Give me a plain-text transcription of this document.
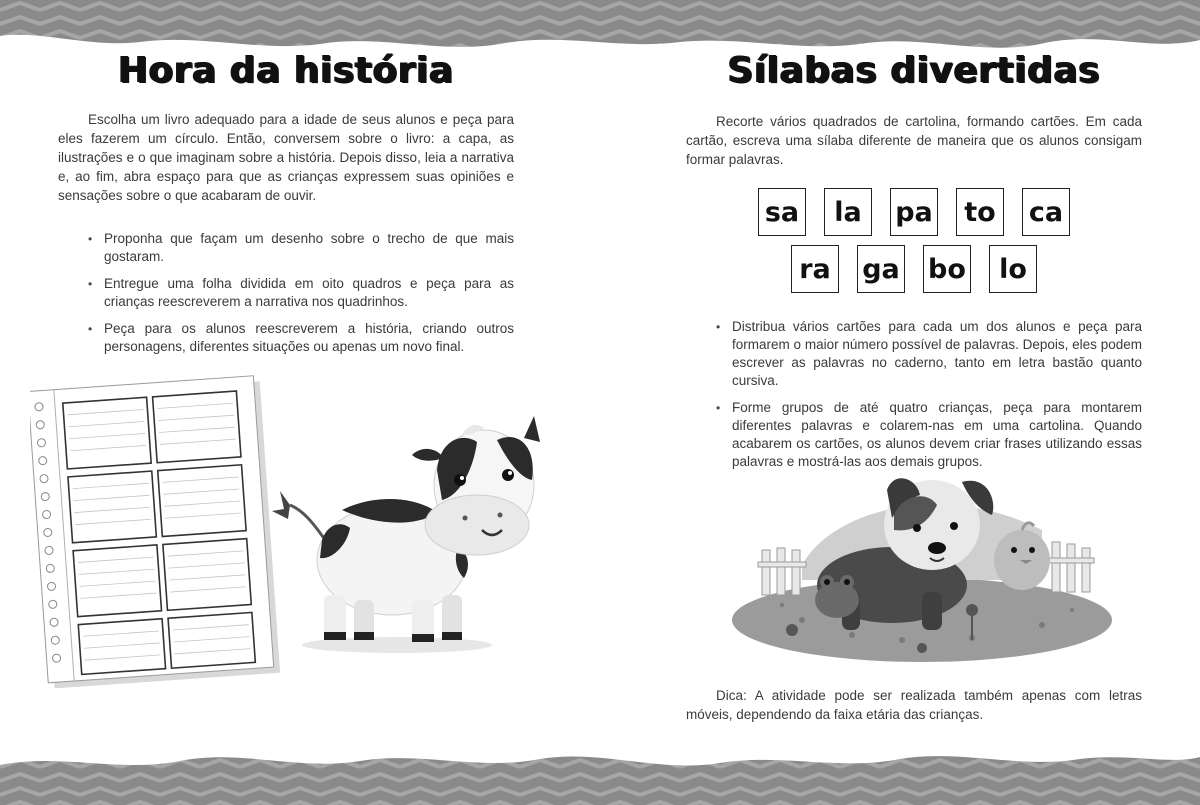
Hora da história

Escolha um livro adequado para a idade de seus alunos e peça para eles fazerem um círculo. Então, conversem sobre o livro: a capa, as ilustrações e o que imaginam sobre a história. Depois disso, leia a narrativa e, ao fim, abra espaço para que as crianças expressem suas opiniões e sensações sobre o que acabaram de ouvir.

• Proponha que façam um desenho sobre o trecho de que mais gostaram.
• Entregue uma folha dividida em oito quadros e peça para as crianças reescreverem a narrativa nos quadrinhos.
• Peça para os alunos reescreverem a história, criando outros personagens, diferentes situações ou apenas um novo final.
Sílabas divertidas

Recorte vários quadrados de cartolina, formando cartões. Em cada cartão, escreva uma sílaba diferente de maneira que os alunos consigam formar palavras.

sa	la	pa	to	ca
ra	ga bo	lo
• Distribua vários cartões para cada um dos alunos e peça para formarem o maior número possível de palavras. Depois, eles podem escrever as palavras no caderno, tanto em letra bastão quanto cursiva.
• Forme grupos de até quatro crianças, peça para montarem diferentes palavras e colarem-nas em uma cartolina. Quando acabarem os cartões, os alunos devem criar frases utilizando essas palavras e mostrá-las aos demais grupos.

Dica: A atividade pode ser realizada também apenas com letras móveis, dependendo da faixa etária das crianças.
